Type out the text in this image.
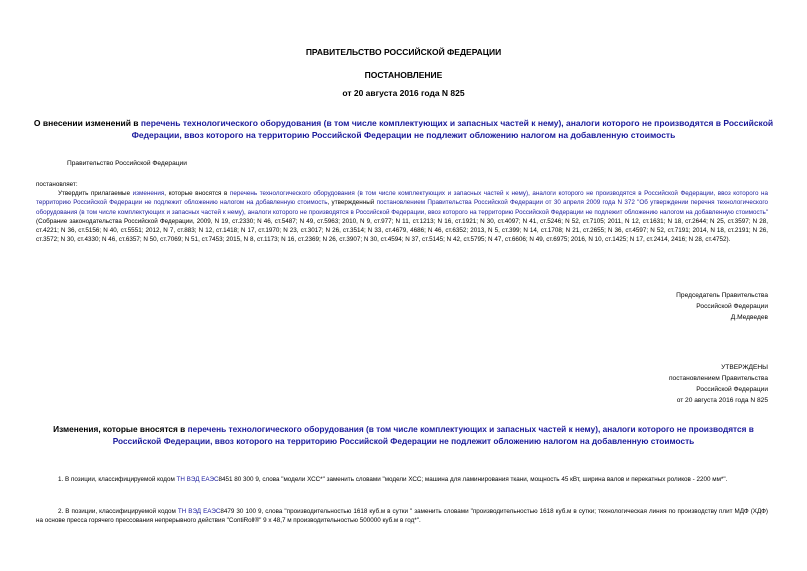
ПРАВИТЕЛЬСТВО РОССИЙСКОЙ ФЕДЕРАЦИИ
ПОСТАНОВЛЕНИЕ
от 20 августа 2016 года N 825
О внесении изменений в перечень технологического оборудования (в том числе комплектующих и запасных частей к нему), аналоги которого не производятся в Российской Федерации, ввоз которого на территорию Российской Федерации не подлежит обложению налогом на добавленную стоимость
Правительство Российской Федерации

постановляет:

Утвердить прилагаемые изменения, которые вносятся в перечень технологического оборудования (в том числе комплектующих и запасных частей к нему), аналоги которого не производятся в Российской Федерации, ввоз которого на территорию Российской Федерации не подлежит обложению налогом на добавленную стоимость, утвержденный постановлением Правительства Российской Федерации от 30 апреля 2009 года N 372 "Об утверждении перечня технологического оборудования (в том числе комплектующих и запасных частей к нему), аналоги которого не производятся в Российской Федерации, ввоз которого на территорию Российской Федерации не подлежит обложению налогом на добавленную стоимость" (Собрание законодательства Российской Федерации, 2009, N 19, ст.2330; N 46, ст.5487; N 49, ст.5963; 2010, N 9, ст.977; N 11, ст.1213; N 16, ст.1921; N 30, ст.4097; N 41, ст.5246; N 52, ст.7105; 2011, N 12, ст.1631; N 18, ст.2644; N 25, ст.3597; N 28, ст.4221; N 36, ст.5156; N 40, ст.5551; 2012, N 7, ст.883; N 12, ст.1418; N 17, ст.1970; N 23, ст.3017; N 26, ст.3514; N 33, ст.4679, 4686; N 46, ст.6352; 2013, N 5, ст.399; N 14, ст.1708; N 21, ст.2655; N 36, ст.4597; N 52, ст.7191; 2014, N 18, ст.2191; N 26, ст.3572; N 30, ст.4330; N 46, ст.6357; N 50, ст.7069; N 51, ст.7453; 2015, N 8, ст.1173; N 16, ст.2369; N 26, ст.3907; N 30, ст.4594; N 37, ст.5145; N 42, ст.5795; N 47, ст.6606; N 49, ст.6975; 2016, N 10, ст.1425; N 17, ст.2414, 2416; N 28, ст.4752).

Председатель Правительства
Российской Федерации
Д.Медведев
УТВЕРЖДЕНЫ
постановлением Правительства
Российской Федерации
от 20 августа 2016 года N 825
Изменения, которые вносятся в перечень технологического оборудования (в том числе комплектующих и запасных частей к нему), аналоги которого не производятся в Российской Федерации, ввоз которого на территорию Российской Федерации не подлежит обложению налогом на добавленную стоимость
1. В позиции, классифицируемой кодом ТН ВЭД ЕАЭС8451 80 300 9, слова "модели ХСС*" заменить словами "модели ХСС; машина для ламинирования ткани, мощность 45 кВт, ширина валов и перекатных роликов - 2200 мм*".
2. В позиции, классифицируемой кодом ТН ВЭД ЕАЭС8479 30 100 9, слова "производительностью 1618 куб.м в сутки " заменить словами "производительностью 1618 куб.м в сутки; технологическая линия по производству плит МДФ (ХДФ) на основе пресса горячего прессования непрерывного действия "ContiRoll®" 9 х 48,7 м производительностью 500000 куб.м в год*".
